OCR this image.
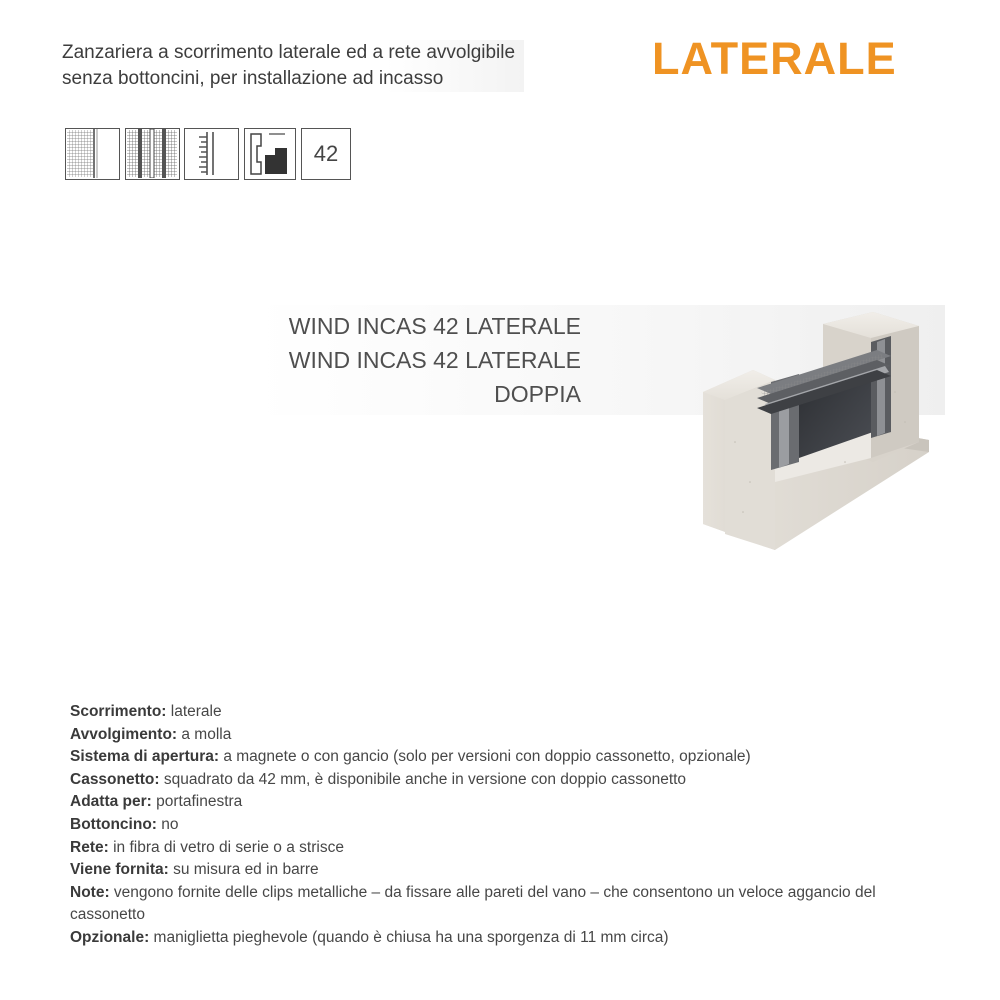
Zanzariera a scorrimento laterale ed a rete avvolgibile senza bottoncini, per installazione ad incasso	LATERALE
42
WIND INCAS 42 LATERALE
WIND INCAS 42 LATERALE
DOPPIA

Scorrimento: laterale

Avvolgimento: a molla

Sistema di apertura: a magnete o con gancio (solo per versioni con doppio cassonetto, opzionale)

Cassonetto: squadrato da 42 mm, è disponibile anche in versione con doppio cassonetto

Adatta per: portafinestra

Bottoncino: no

Rete: in fibra di vetro di serie o a strisce

Viene fornita: su misura ed in barre

Note: vengono fornite delle clips metalliche – da fissare alle pareti del vano – che consentono un veloce aggancio del cassonetto

Opzionale: maniglietta pieghevole (quando è chiusa ha una sporgenza di 11 mm circa)
